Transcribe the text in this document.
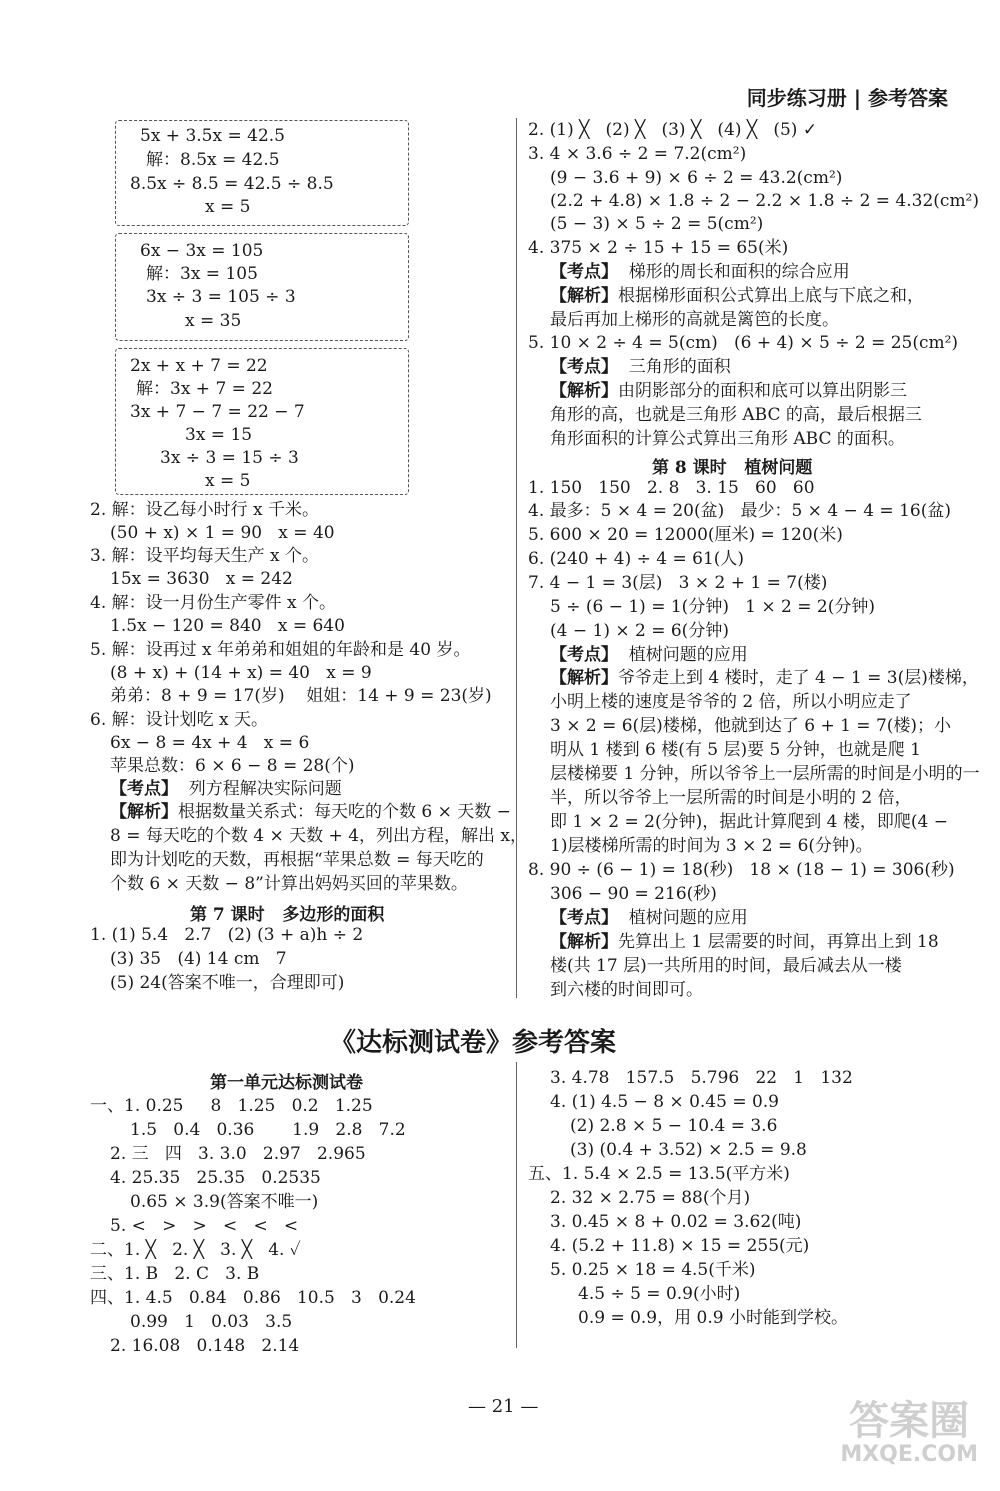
同步练习册 | 参考答案
5x + 3.5x = 42.5
解：8.5x = 42.5
8.5x ÷ 8.5 = 42.5 ÷ 8.5
x = 5
6x − 3x = 105
解：3x = 105
3x ÷ 3 = 105 ÷ 3
x = 35
2x + x + 7 = 22
解：3x + 7 = 22
3x + 7 − 7 = 22 − 7
3x = 15
3x ÷ 3 = 15 ÷ 3
x = 5
2. 解：设乙每小时行 x 千米。
(50 + x) × 1 = 90   x = 40
3. 解：设平均每天生产 x 个。
15x = 3630   x = 242
4. 解：设一月份生产零件 x 个。
1.5x − 120 = 840   x = 640
5. 解：设再过 x 年弟弟和姐姐的年龄和是 40 岁。
(8 + x) + (14 + x) = 40   x = 9
弟弟：8 + 9 = 17(岁)    姐姐：14 + 9 = 23(岁)
6. 解：设计划吃 x 天。
6x − 8 = 4x + 4   x = 6
苹果总数：6 × 6 − 8 = 28(个)
【考点】  列方程解决实际问题
【解析】根据数量关系式：每天吃的个数 6 × 天数 −
8 = 每天吃的个数 4 × 天数 + 4，列出方程，解出 x，
即为计划吃的天数，再根据“苹果总数 = 每天吃的
个数 6 × 天数 − 8”计算出妈妈买回的苹果数。
第 7 课时   多边形的面积
1. (1) 5.4   2.7   (2) (3 + a)h ÷ 2
(3) 35   (4) 14 cm   7
(5) 24(答案不唯一，合理即可)
2. (1) ╳   (2) ╳   (3) ╳   (4) ╳   (5) ✓
3. 4 × 3.6 ÷ 2 = 7.2(cm²)
(9 − 3.6 + 9) × 6 ÷ 2 = 43.2(cm²)
(2.2 + 4.8) × 1.8 ÷ 2 − 2.2 × 1.8 ÷ 2 = 4.32(cm²)
(5 − 3) × 5 ÷ 2 = 5(cm²)
4. 375 × 2 ÷ 15 + 15 = 65(米)
【考点】  梯形的周长和面积的综合应用
【解析】根据梯形面积公式算出上底与下底之和，
最后再加上梯形的高就是篱笆的长度。
5. 10 × 2 ÷ 4 = 5(cm)   (6 + 4) × 5 ÷ 2 = 25(cm²)
【考点】  三角形的面积
【解析】由阴影部分的面积和底可以算出阴影三
角形的高，也就是三角形 ABC 的高，最后根据三
角形面积的计算公式算出三角形 ABC 的面积。
第 8 课时   植树问题
1. 150   150   2. 8   3. 15   60   60
4. 最多：5 × 4 = 20(盆)   最少：5 × 4 − 4 = 16(盆)
5. 600 × 20 = 12000(厘米) = 120(米)
6. (240 + 4) ÷ 4 = 61(人)
7. 4 − 1 = 3(层)   3 × 2 + 1 = 7(楼)
5 ÷ (6 − 1) = 1(分钟)   1 × 2 = 2(分钟)
(4 − 1) × 2 = 6(分钟)
【考点】  植树问题的应用
【解析】爷爷走上到 4 楼时，走了 4 − 1 = 3(层)楼梯，
小明上楼的速度是爷爷的 2 倍，所以小明应走了
3 × 2 = 6(层)楼梯，他就到达了 6 + 1 = 7(楼)；小
明从 1 楼到 6 楼(有 5 层)要 5 分钟，也就是爬 1
层楼梯要 1 分钟，所以爷爷上一层所需的时间是小明的一
半，所以爷爷上一层所需的时间是小明的 2 倍，
即 1 × 2 = 2(分钟)，据此计算爬到 4 楼，即爬(4 −
1)层楼梯所需的时间为 3 × 2 = 6(分钟)。
8. 90 ÷ (6 − 1) = 18(秒)   18 × (18 − 1) = 306(秒)
306 − 90 = 216(秒)
【考点】  植树问题的应用
【解析】先算出上 1 层需要的时间，再算出上到 18
楼(共 17 层)一共所用的时间，最后减去从一楼
到六楼的时间即可。
《达标测试卷》参考答案
第一单元达标测试卷
一、1. 0.25     8   1.25   0.2   1.25
1.5   0.4   0.36       1.9   2.8   7.2
2. 三   四   3. 3.0   2.97   2.965
4. 25.35   25.35   0.2535
0.65 × 3.9(答案不唯一)
5. <   >   >   <   <   <
二、1. ╳   2. ╳   3. ╳   4. ✓
三、1. B   2. C   3. B
四、1. 4.5   0.84   0.86   10.5   3   0.24
0.99   1   0.03   3.5
2. 16.08   0.148   2.14
3. 4.78   157.5   5.796   22   1   132
4. (1) 4.5 − 8 × 0.45 = 0.9
(2) 2.8 × 5 − 10.4 = 3.6
(3) (0.4 + 3.52) × 2.5 = 9.8
五、1. 5.4 × 2.5 = 13.5(平方米)
2. 32 × 2.75 = 88(个月)
3. 0.45 × 8 + 0.02 = 3.62(吨)
4. (5.2 + 11.8) × 15 = 255(元)
5. 0.25 × 18 = 4.5(千米)
4.5 ÷ 5 = 0.9(小时)
0.9 = 0.9，用 0.9 小时能到学校。
— 21 —	答案圈
MXQE.COM
